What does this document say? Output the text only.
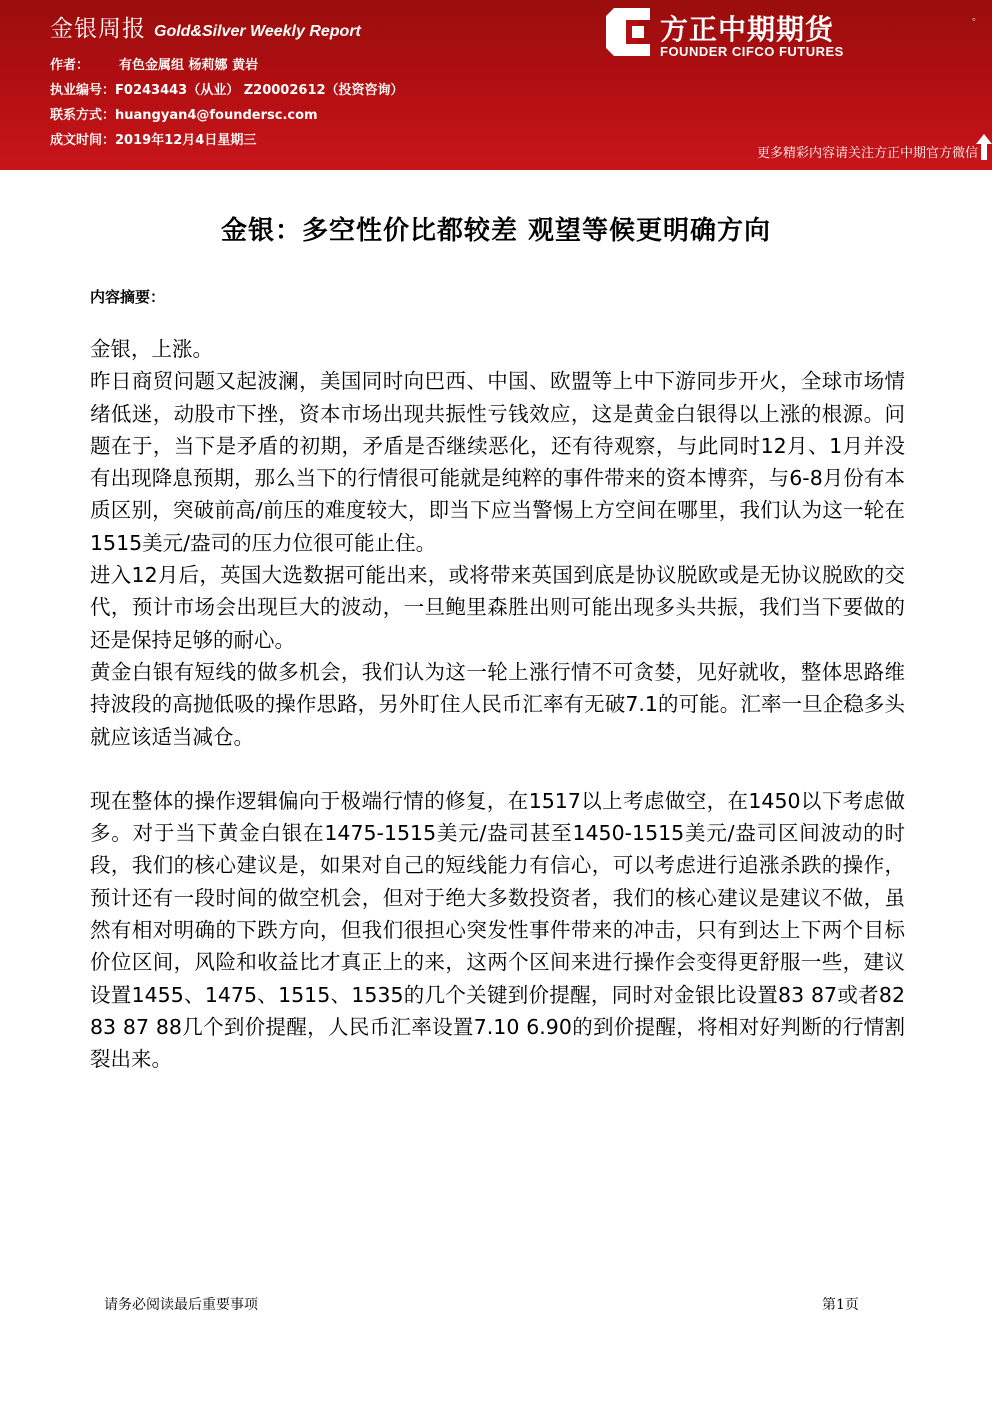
金银周报 Gold&Silver Weekly Report
作者： 有色金属组 杨莉娜 黄岩
执业编号：F0243443（从业） Z20002612（投资咨询）
联系方式：huangyan4@foundersc.com
成文时间：2019年12月4日星期三
方正中期期货
FOUNDER CIFCO FUTURES
。
更多精彩内容请关注方正中期官方微信
金银：多空性价比都较差 观望等候更明确方向
内容摘要：

金银，上涨。

昨日商贸问题又起波澜，美国同时向巴西、中国、欧盟等上中下游同步开火，全球市场情绪低迷，动股市下挫，资本市场出现共振性亏钱效应，这是黄金白银得以上涨的根源。问题在于，当下是矛盾的初期，矛盾是否继续恶化，还有待观察，与此同时12月、1月并没有出现降息预期，那么当下的行情很可能就是纯粹的事件带来的资本博弈，与6-8月份有本质区别，突破前高/前压的难度较大，即当下应当警惕上方空间在哪里，我们认为这一轮在1515美元/盎司的压力位很可能止住。

进入12月后，英国大选数据可能出来，或将带来英国到底是协议脱欧或是无协议脱欧的交代，预计市场会出现巨大的波动，一旦鲍里森胜出则可能出现多头共振，我们当下要做的还是保持足够的耐心。

黄金白银有短线的做多机会，我们认为这一轮上涨行情不可贪婪，见好就收，整体思路维持波段的高抛低吸的操作思路，另外盯住人民币汇率有无破7.1的可能。汇率一旦企稳多头就应该适当减仓。

现在整体的操作逻辑偏向于极端行情的修复，在1517以上考虑做空，在1450以下考虑做多。对于当下黄金白银在1475-1515美元/盎司甚至1450-1515美元/盎司区间波动的时段，我们的核心建议是，如果对自己的短线能力有信心，可以考虑进行追涨杀跌的操作，预计还有一段时间的做空机会，但对于绝大多数投资者，我们的核心建议是建议不做，虽然有相对明确的下跌方向，但我们很担心突发性事件带来的冲击，只有到达上下两个目标价位区间，风险和收益比才真正上的来，这两个区间来进行操作会变得更舒服一些，建议设置1455、1475、1515、1535的几个关键到价提醒，同时对金银比设置83 87或者82 83 87 88几个到价提醒，人民币汇率设置7.10 6.90的到价提醒，将相对好判断的行情割裂出来。

请务必阅读最后重要事项	第1页
